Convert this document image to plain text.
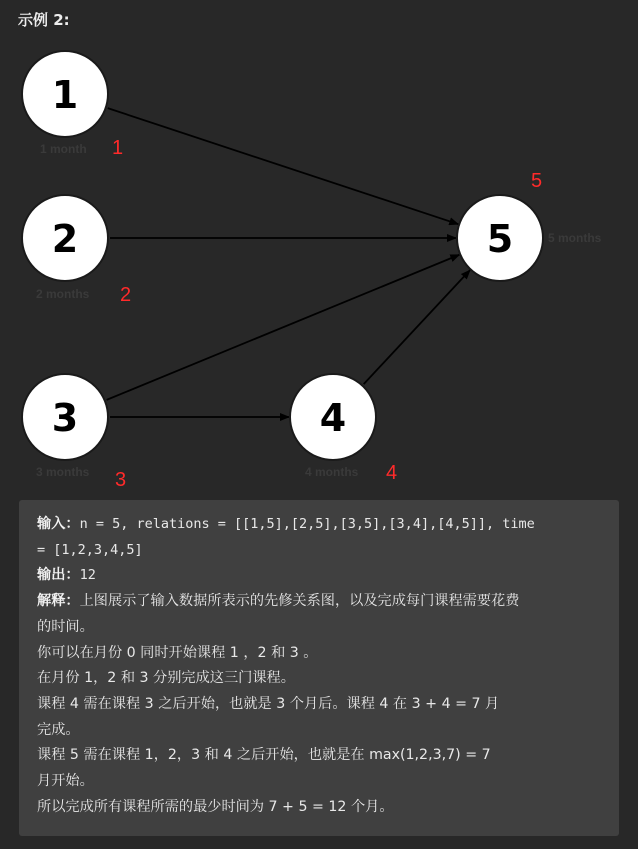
示例 2:
1
1 month 1
2
2 months 2
3
3 months 3
4
4 months 4
5	5 months
5
输入：n = 5, relations = [[1,5],[2,5],[3,5],[3,4],[4,5]], time
= [1,2,3,4,5]
输出：12
解释：上图展示了输入数据所表示的先修关系图，以及完成每门课程需要花费
的时间。
你可以在月份 0 同时开始课程 1 ，2 和 3 。
在月份 1，2 和 3 分别完成这三门课程。
课程 4 需在课程 3 之后开始，也就是 3 个月后。课程 4 在 3 + 4 = 7 月
完成。
课程 5 需在课程 1，2，3 和 4 之后开始，也就是在 max(1,2,3,7) = 7
月开始。
所以完成所有课程所需的最少时间为 7 + 5 = 12 个月。
